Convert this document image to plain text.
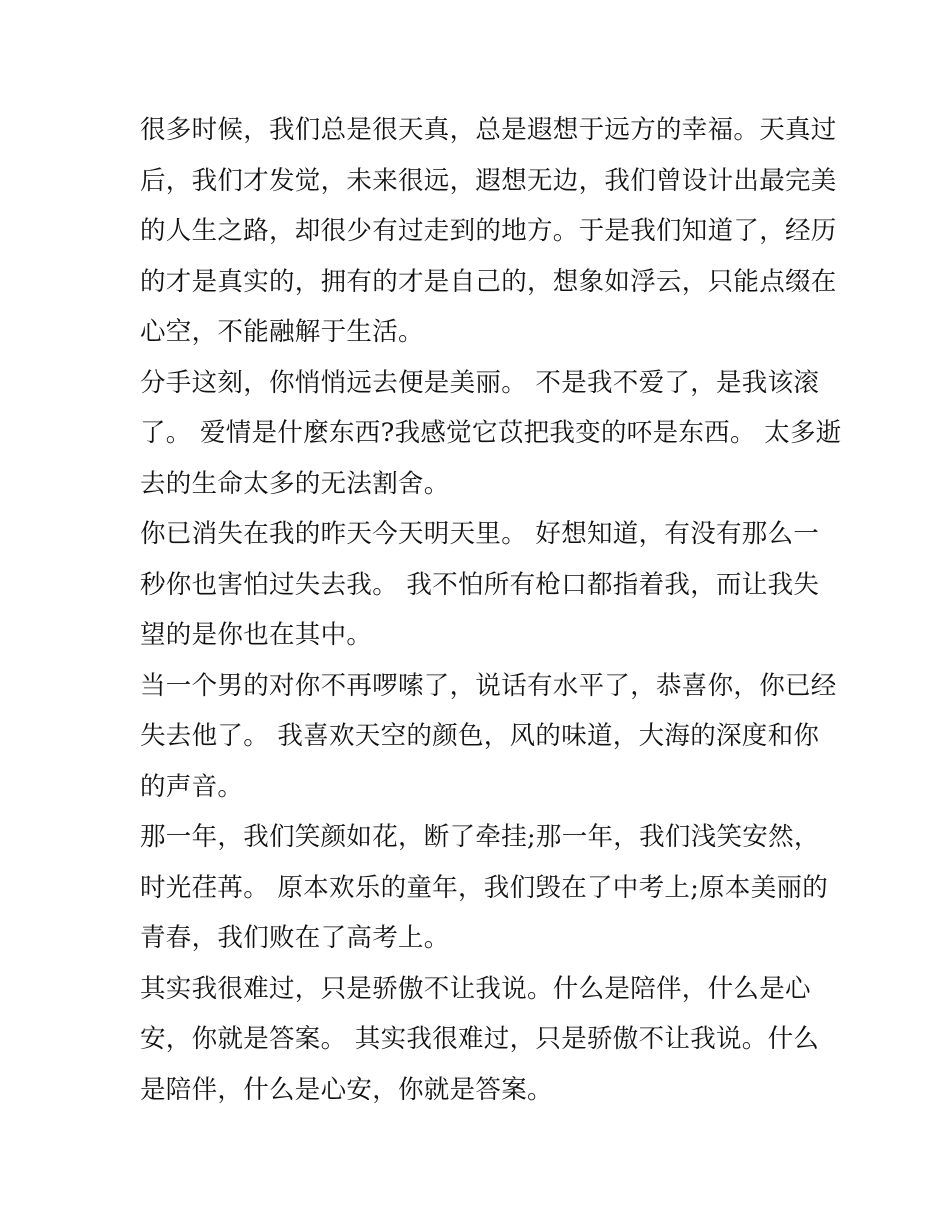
很多时候，我们总是很天真，总是遐想于远方的幸福。天真过
后，我们才发觉，未来很远，遐想无边，我们曾设计出最完美
的人生之路，却很少有过走到的地方。于是我们知道了，经历
的才是真实的，拥有的才是自己的，想象如浮云，只能点缀在
心空，不能融解于生活。

分手这刻，你悄悄远去便是美丽。 不是我不爱了，是我该滚
了。 爱情是什麼东西?我感觉它苡把我变的吥是东西。 太多逝
去的生命太多的无法割舍。

你已消失在我的昨天今天明天里。 好想知道，有没有那么一
秒你也害怕过失去我。 我不怕所有枪口都指着我，而让我失
望的是你也在其中。

当一个男的对你不再啰嗦了，说话有水平了，恭喜你，你已经
失去他了。 我喜欢天空的颜色，风的味道，大海的深度和你
的声音。

那一年，我们笑颜如花，断了牵挂;那一年，我们浅笑安然，
时光荏苒。 原本欢乐的童年，我们毁在了中考上;原本美丽的
青春，我们败在了高考上。

其实我很难过，只是骄傲不让我说。什么是陪伴，什么是心
安，你就是答案。 其实我很难过，只是骄傲不让我说。什么
是陪伴，什么是心安，你就是答案。
